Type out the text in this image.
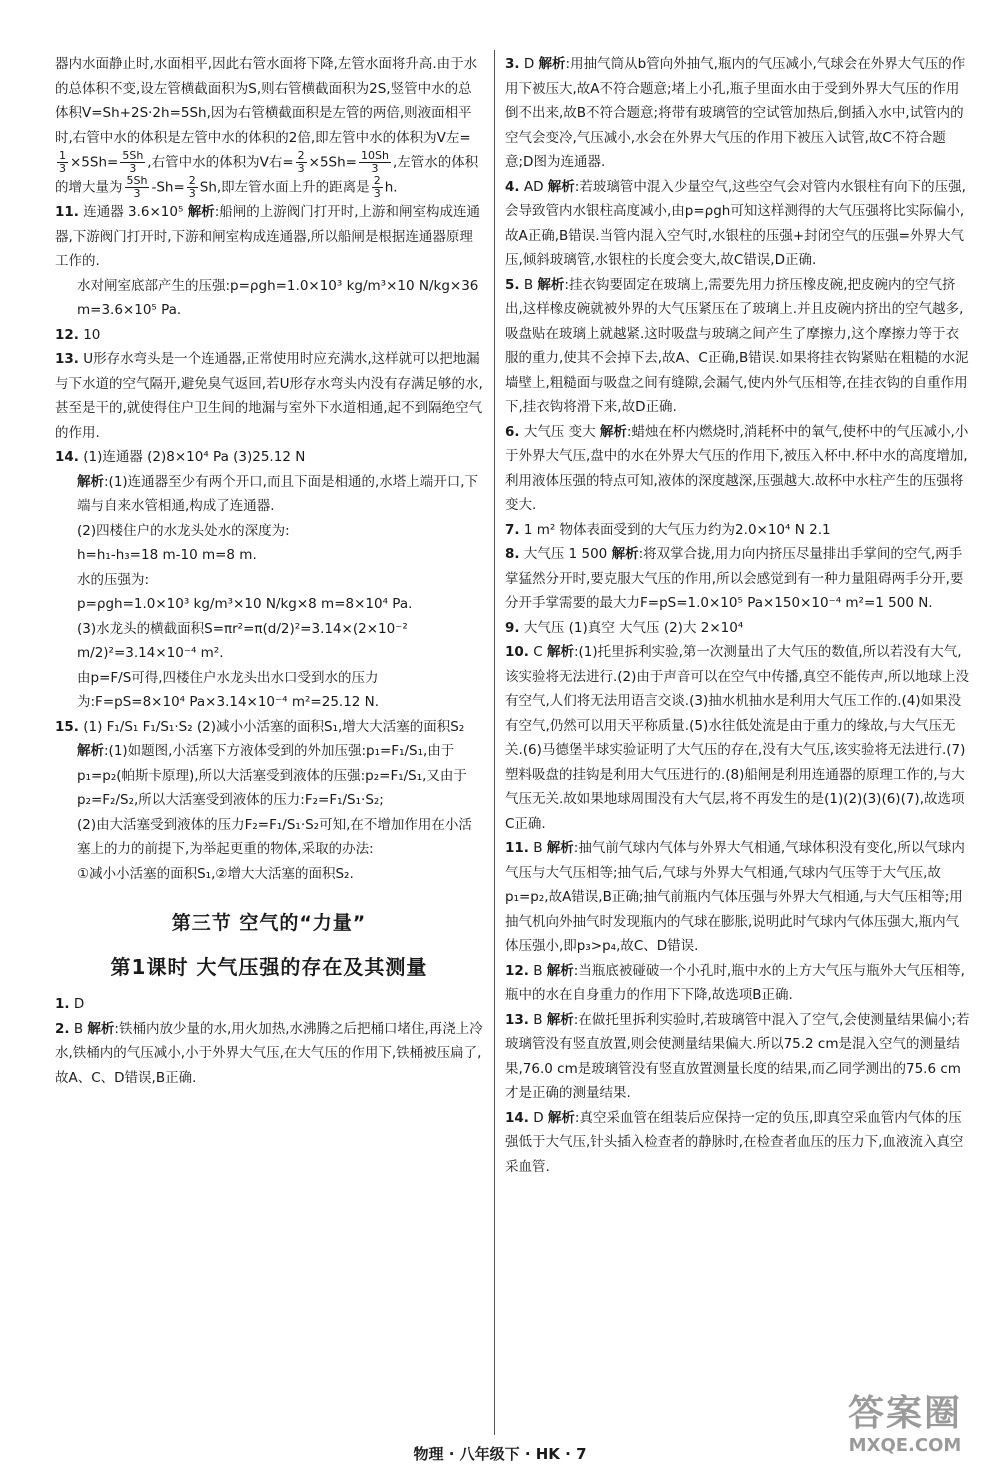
器内水面静止时,水面相平,因此右管水面将下降,左管水面将升高.由于水的总体积不变,设左管横截面积为S,则右管横截面积为2S,竖管中水的总体积V=Sh+2S·2h=5Sh,因为右管横截面积是左管的两倍,则液面相平时,右管中水的体积是左管中水的体积的2倍,即左管中水的体积为V左=
$\frac{1}{3} \times 5Sh= \frac{5Sh}{3}$ ,右管中水的体积为V右= $\frac{2}{3} \times 5Sh= \frac{10Sh}{3}$ ,左管水的体积的增大量为 $\frac{5Sh}{3} -Sh= \frac{2}{3} Sh$,即左管水面上升的距离是 $\frac{2}{3} h$.

11. 连通器 3.6×10⁵ 解析:船闸的上游阀门打开时,上游和闸室构成连通器,下游阀门打开时,下游和闸室构成连通器,所以船闸是根据连通器原理工作的.

水对闸室底部产生的压强:p=ρgh=1.0×10³ kg/m³×10 N/kg×36 m=3.6×10⁵ Pa.

12. 10

13. U形存水弯头是一个连通器,正常使用时应充满水,这样就可以把地漏与下水道的空气隔开,避免臭气返回,若U形存水弯头内没有存满足够的水,甚至是干的,就使得住户卫生间的地漏与室外下水道相通,起不到隔绝空气的作用.

14. (1)连通器 (2)8×10⁴ Pa (3)25.12 N

解析:(1)连通器至少有两个开口,而且下面是相通的,水塔上端开口,下端与自来水管相通,构成了连通器.

(2)四楼住户的水龙头处水的深度为:

h=h₁-h₃=18 m-10 m=8 m.

水的压强为:

p=ρgh=1.0×10³ kg/m³×10 N/kg×8 m=8×10⁴ Pa.

(3)水龙头的横截面积S=πr²=π(d/2)²=3.14×(2×10⁻² m/2)²=3.14×10⁻⁴ m².

由p=F/S可得,四楼住户水龙头出水口受到水的压力为:F=pS=8×10⁴ Pa×3.14×10⁻⁴ m²=25.12 N.

15. (1) F₁/S₁ F₁/S₁·S₂ (2)减小小活塞的面积S₁,增大大活塞的面积S₂

解析:(1)如题图,小活塞下方液体受到的外加压强:p₁=F₁/S₁,由于p₁=p₂(帕斯卡原理),所以大活塞受到液体的压强:p₂=F₁/S₁,又由于p₂=F₂/S₂,所以大活塞受到液体的压力:F₂=F₁/S₁·S₂;

(2)由大活塞受到液体的压力F₂=F₁/S₁·S₂可知,在不增加作用在小活塞上的力的前提下,为举起更重的物体,采取的办法:

①减小小活塞的面积S₁,②增大大活塞的面积S₂.

第三节 空气的“力量”
第1课时 大气压强的存在及其测量

1. D

2. B 解析:铁桶内放少量的水,用火加热,水沸腾之后把桶口堵住,再浇上冷水,铁桶内的气压减小,小于外界大气压,在大气压的作用下,铁桶被压扁了,故A、C、D错误,B正确.

3. D 解析:用抽气筒从b管向外抽气,瓶内的气压减小,气球会在外界大气压的作用下被压大,故A不符合题意;堵上小孔,瓶子里面水由于受到外界大气压的作用倒不出来,故B不符合题意;将带有玻璃管的空试管加热后,倒插入水中,试管内的空气会变冷,气压减小,水会在外界大气压的作用下被压入试管,故C不符合题意;D图为连通器.

4. AD 解析:若玻璃管中混入少量空气,这些空气会对管内水银柱有向下的压强,会导致管内水银柱高度减小,由p=ρgh可知这样测得的大气压强将比实际偏小,故A正确,B错误.当管内混入空气时,水银柱的压强+封闭空气的压强=外界大气压,倾斜玻璃管,水银柱的长度会变大,故C错误,D正确.

5. B 解析:挂衣钩要固定在玻璃上,需要先用力挤压橡皮碗,把皮碗内的空气挤出,这样橡皮碗就被外界的大气压紧压在了玻璃上.并且皮碗内挤出的空气越多,吸盘贴在玻璃上就越紧.这时吸盘与玻璃之间产生了摩擦力,这个摩擦力等于衣服的重力,使其不会掉下去,故A、C正确,B错误.如果将挂衣钩紧贴在粗糙的水泥墙壁上,粗糙面与吸盘之间有缝隙,会漏气,使内外气压相等,在挂衣钩的自重作用下,挂衣钩将滑下来,故D正确.

6. 大气压 变大 解析:蜡烛在杯内燃烧时,消耗杯中的氧气,使杯中的气压减小,小于外界大气压,盘中的水在外界大气压的作用下,被压入杯中.杯中水的高度增加,利用液体压强的特点可知,液体的深度越深,压强越大.故杯中水柱产生的压强将变大.

7. 1 m² 物体表面受到的大气压力约为2.0×10⁴ N 2.1

8. 大气压 1 500 解析:将双掌合拢,用力向内挤压尽量排出手掌间的空气,两手掌猛然分开时,要克服大气压的作用,所以会感觉到有一种力量阻碍两手分开,要分开手掌需要的最大力F=pS=1.0×10⁵ Pa×150×10⁻⁴ m²=1 500 N.

9. 大气压 (1)真空 大气压 (2)大 2×10⁴

10. C 解析:(1)托里拆利实验,第一次测量出了大气压的数值,所以若没有大气,该实验将无法进行.(2)由于声音可以在空气中传播,真空不能传声,所以地球上没有空气,人们将无法用语言交谈.(3)抽水机抽水是利用大气压工作的.(4)如果没有空气,仍然可以用天平称质量.(5)水往低处流是由于重力的缘故,与大气压无关.(6)马德堡半球实验证明了大气压的存在,没有大气压,该实验将无法进行.(7)塑料吸盘的挂钩是利用大气压进行的.(8)船闸是利用连通器的原理工作的,与大气压无关.故如果地球周围没有大气层,将不再发生的是(1)(2)(3)(6)(7),故选项C正确.

11. B 解析:抽气前气球内气体与外界大气相通,气球体积没有变化,所以气球内气压与大气压相等;抽气后,气球与外界大气相通,气球内气压等于大气压,故p₁=p₂,故A错误,B正确;抽气前瓶内气体压强与外界大气相通,与大气压相等;用抽气机向外抽气时发现瓶内的气球在膨胀,说明此时气球内气体压强大,瓶内气体压强小,即p₃>p₄,故C、D错误.

12. B 解析:当瓶底被碰破一个小孔时,瓶中水的上方大气压与瓶外大气压相等,瓶中的水在自身重力的作用下下降,故选项B正确.

13. B 解析:在做托里拆利实验时,若玻璃管中混入了空气,会使测量结果偏小;若玻璃管没有竖直放置,则会使测量结果偏大.所以75.2 cm是混入空气的测量结果,76.0 cm是玻璃管没有竖直放置测量长度的结果,而乙同学测出的75.6 cm才是正确的测量结果.

14. D 解析:真空采血管在组装后应保持一定的负压,即真空采血管内气体的压强低于大气压,针头插入检查者的静脉时,在检查者血压的压力下,血液流入真空采血管.

物理 · 八年级下 · HK · 7
答案圈
MXQE.COM
